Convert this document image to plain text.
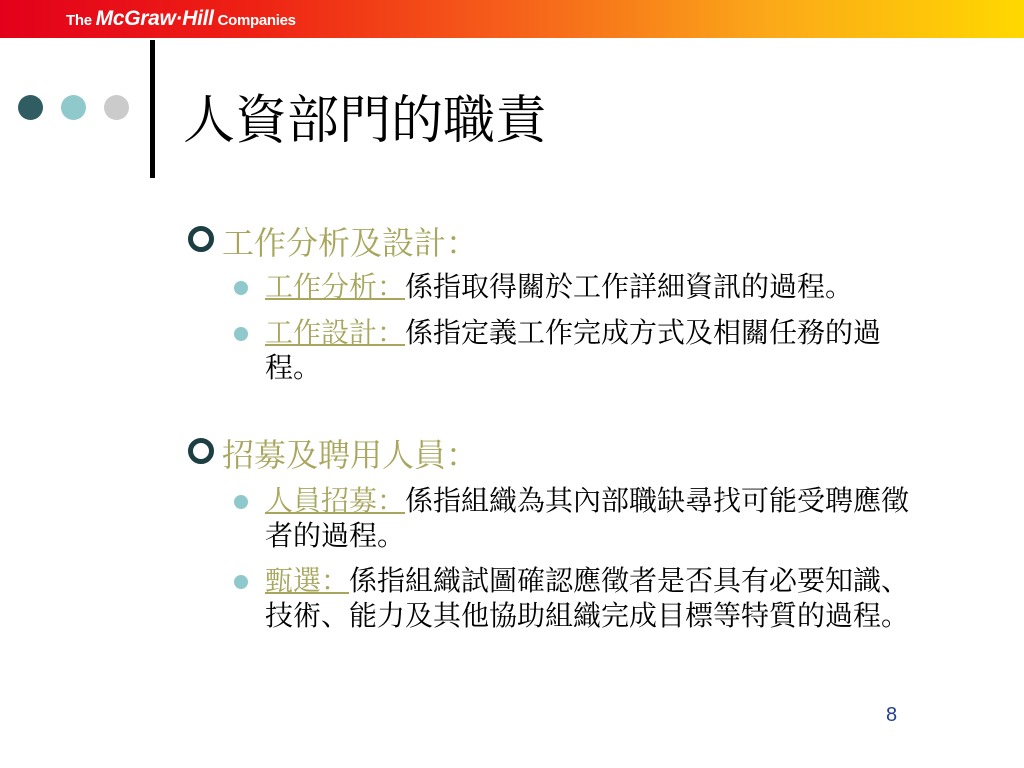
The McGraw·Hill Companies
人資部門的職責
工作分析及設計：
工作分析：係指取得關於工作詳細資訊的過程。
工作設計：係指定義工作完成方式及相關任務的過程。
招募及聘用人員：
人員招募：係指組織為其內部職缺尋找可能受聘應徵者的過程。
甄選：係指組織試圖確認應徵者是否具有必要知識、技術、能力及其他協助組織完成目標等特質的過程。
8
